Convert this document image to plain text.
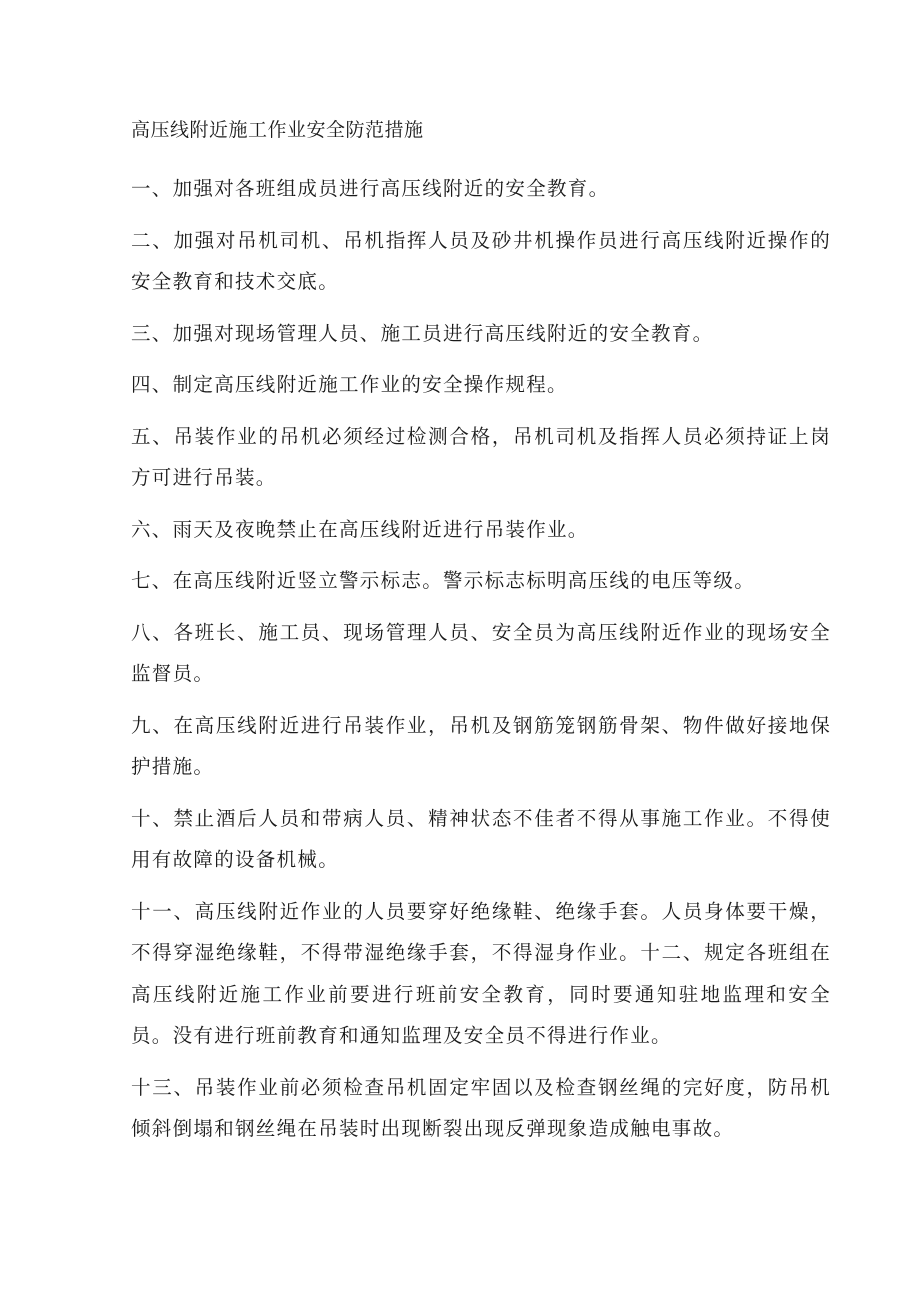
高压线附近施工作业安全防范措施

一、加强对各班组成员进行高压线附近的安全教育。

二、加强对吊机司机、吊机指挥人员及砂井机操作员进行高压线附近操作的安全教育和技术交底。

三、加强对现场管理人员、施工员进行高压线附近的安全教育。

四、制定高压线附近施工作业的安全操作规程。

五、吊装作业的吊机必须经过检测合格，吊机司机及指挥人员必须持证上岗方可进行吊装。

六、雨天及夜晚禁止在高压线附近进行吊装作业。

七、在高压线附近竖立警示标志。警示标志标明高压线的电压等级。

八、各班长、施工员、现场管理人员、安全员为高压线附近作业的现场安全监督员。

九、在高压线附近进行吊装作业，吊机及钢筋笼钢筋骨架、物件做好接地保护措施。

十、禁止酒后人员和带病人员、精神状态不佳者不得从事施工作业。不得使用有故障的设备机械。

十一、高压线附近作业的人员要穿好绝缘鞋、绝缘手套。人员身体要干燥，不得穿湿绝缘鞋，不得带湿绝缘手套，不得湿身作业。十二、规定各班组在高压线附近施工作业前要进行班前安全教育，同时要通知驻地监理和安全员。没有进行班前教育和通知监理及安全员不得进行作业。

十三、吊装作业前必须检查吊机固定牢固以及检查钢丝绳的完好度，防吊机倾斜倒塌和钢丝绳在吊装时出现断裂出现反弹现象造成触电事故。
